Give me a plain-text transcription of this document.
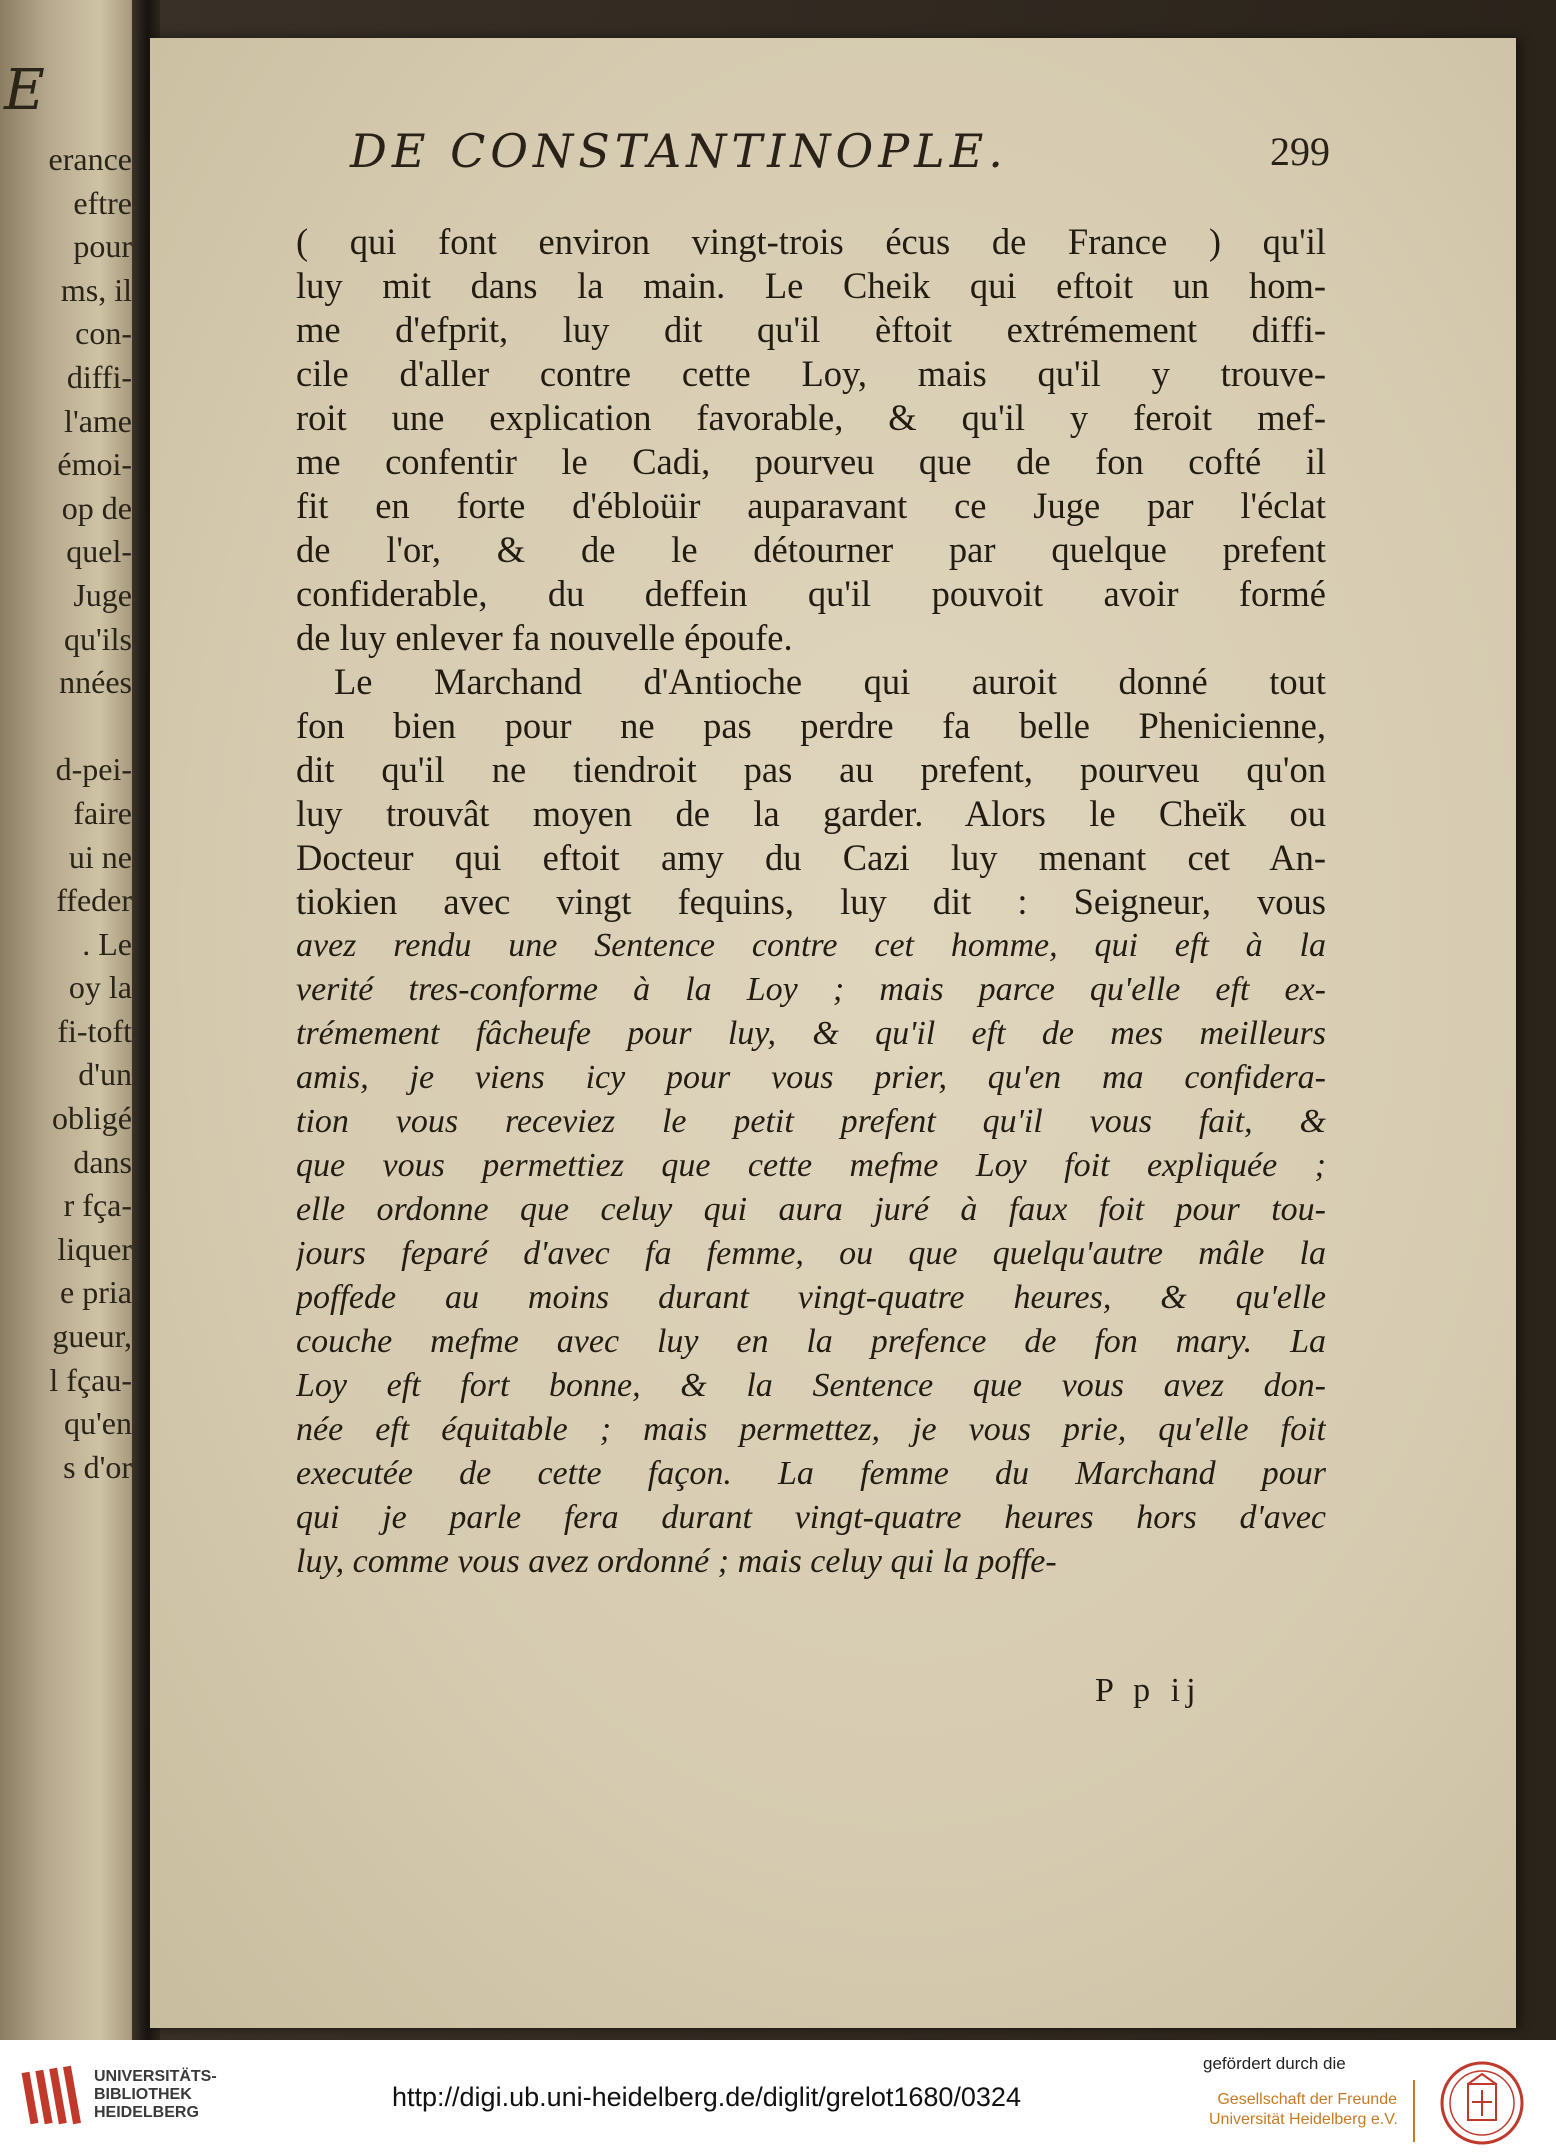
E
erance
eftre
pour
ms, il
con-
diffi-
l'ame
émoi-
op de
quel-
Juge
qu'ils
nnées
d-pei-
faire
ui ne
ffeder
. Le
oy la
fi-toft
d'un
obligé
dans
r fça-
liquer
e pria
gueur,
l fçau-
qu'en
s d'or
DE CONSTANTINOPLE.	299
( qui font environ vingt-trois écus de France ) qu'il
luy mit dans la main. Le Cheik qui eftoit un hom-
me d'efprit, luy dit qu'il èftoit extrémement diffi-
cile d'aller contre cette Loy, mais qu'il y trouve-
roit une explication favorable, & qu'il y feroit mef-
me confentir le Cadi, pourveu que de fon cofté il
fit en forte d'ébloüir auparavant ce Juge par l'éclat
de l'or, & de le détourner par quelque prefent
confiderable, du deffein qu'il pouvoit avoir formé
de luy enlever fa nouvelle époufe.
Le Marchand d'Antioche qui auroit donné tout
fon bien pour ne pas perdre fa belle Phenicienne,
dit qu'il ne tiendroit pas au prefent, pourveu qu'on
luy trouvât moyen de la garder. Alors le Cheïk ou
Docteur qui eftoit amy du Cazi luy menant cet An-
tiokien avec vingt fequins, luy dit : Seigneur, vous
avez rendu une Sentence contre cet homme, qui eft à la
verité tres-conforme à la Loy ; mais parce qu'elle eft ex-
trémement fâcheufe pour luy, & qu'il eft de mes meilleurs
amis, je viens icy pour vous prier, qu'en ma confidera-
tion vous receviez le petit prefent qu'il vous fait, &
que vous permettiez que cette mefme Loy foit expliquée ;
elle ordonne que celuy qui aura juré à faux foit pour tou-
jours feparé d'avec fa femme, ou que quelqu'autre mâle la
poffede au moins durant vingt-quatre heures, & qu'elle
couche mefme avec luy en la prefence de fon mary. La
Loy eft fort bonne, & la Sentence que vous avez don-
née eft équitable ; mais permettez, je vous prie, qu'elle foit
executée de cette façon. La femme du Marchand pour
qui je parle fera durant vingt-quatre heures hors d'avec
luy, comme vous avez ordonné ; mais celuy qui la poffe-
P p ij
UNIVERSITÄTS-
BIBLIOTHEK
HEIDELBERG
http://digi.ub.uni-heidelberg.de/diglit/grelot1680/0324
gefördert durch die
Gesellschaft der Freunde
Universität Heidelberg e.V.
